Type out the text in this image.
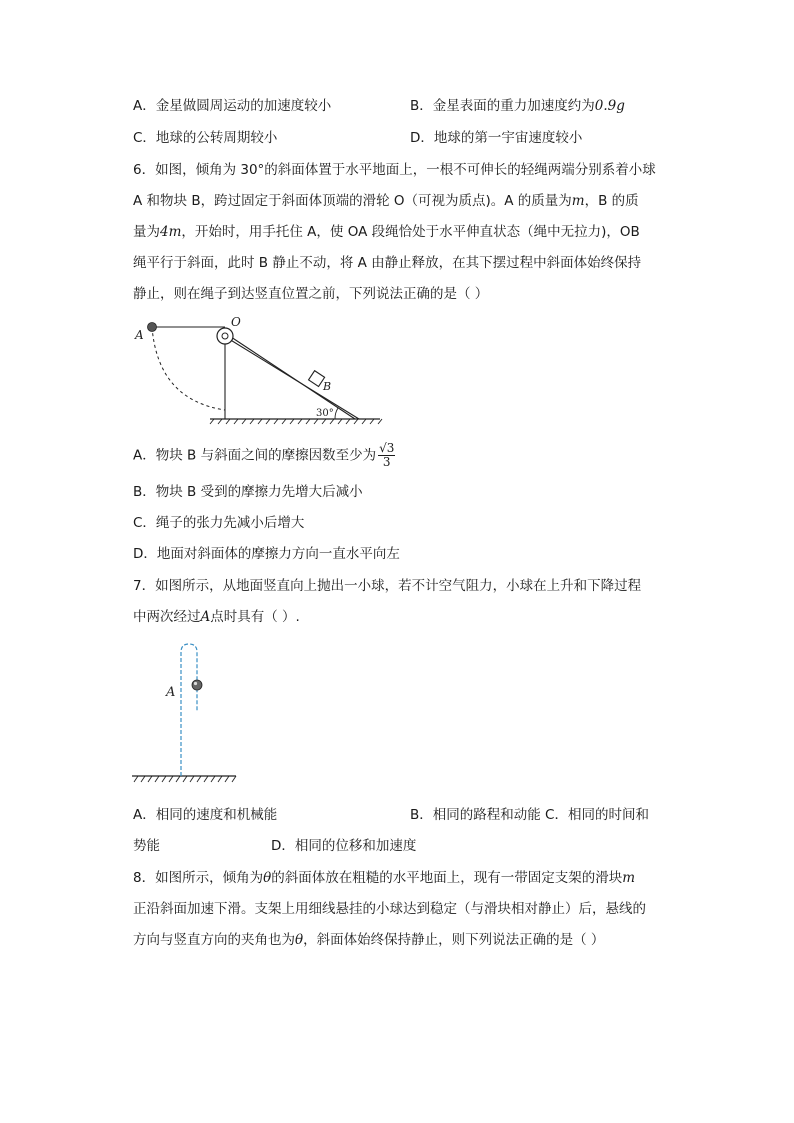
A．金星做圆周运动的加速度较小	B．金星表面的重力加速度约为0.9g
C．地球的公转周期较小	D．地球的第一宇宙速度较小
6．如图，倾角为 30°的斜面体置于水平地面上，一根不可伸长的轻绳两端分别系着小球
A 和物块 B，跨过固定于斜面体顶端的滑轮 O（可视为质点)。A 的质量为m，B 的质
量为4m，开始时，用手托住 A，使 OA 段绳恰处于水平伸直状态（绳中无拉力)，OB
绳平行于斜面，此时 B 静止不动，将 A 由静止释放，在其下摆过程中斜面体始终保持
静止，则在绳子到达竖直位置之前，下列说法正确的是（ ）
A
O
B
30°
A．物块 B 与斜面之间的摩擦因数至少为 $\frac{√3}{3}$
B．物块 B 受到的摩擦力先增大后减小
C．绳子的张力先减小后增大
D．地面对斜面体的摩擦力方向一直水平向左
7．如图所示，从地面竖直向上抛出一小球，若不计空气阻力，小球在上升和下降过程
中两次经过A点时具有（ ）.
A
A．相同的速度和机械能	B．相同的路程和动能 C．相同的时间和
势能	D．相同的位移和加速度
8．如图所示，倾角为θ的斜面体放在粗糙的水平地面上，现有一带固定支架的滑块m
正沿斜面加速下滑。支架上用细线悬挂的小球达到稳定（与滑块相对静止）后，悬线的
方向与竖直方向的夹角也为θ，斜面体始终保持静止，则下列说法正确的是（ ）
